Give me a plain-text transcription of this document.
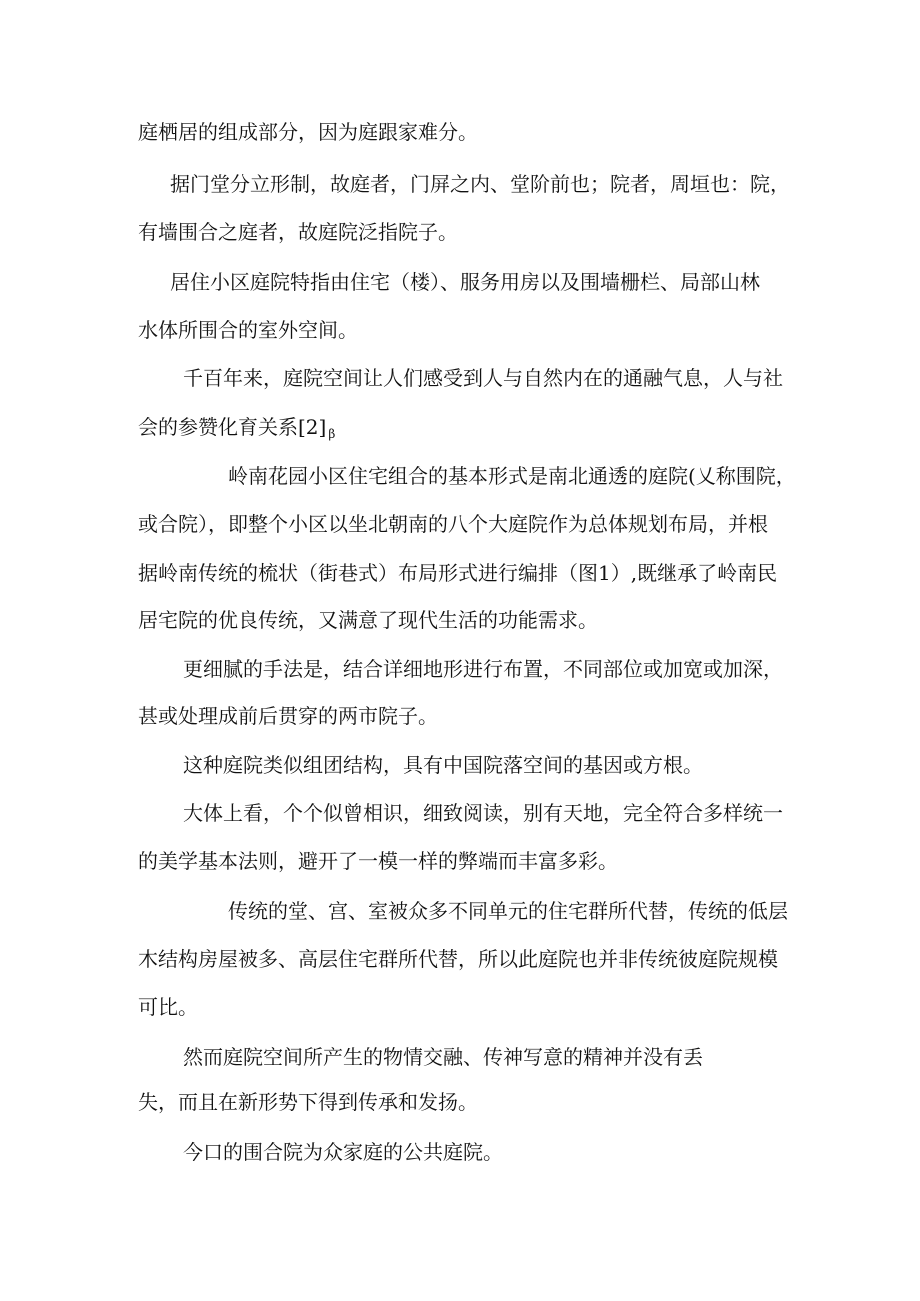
庭栖居的组成部分，因为庭跟家难分。

据门堂分立形制，故庭者，门屏之内、堂阶前也；院者，周垣也：院，

有墙围合之庭者，故庭院泛指院子。

居住小区庭院特指由住宅（楼）、服务用房以及围墙栅栏、局部山林

水体所围合的室外空间。

千百年来，庭院空间让人们感受到人与自然内在的通融气息，人与社

会的参赞化育关系[2] $_\beta$

岭南花园小区住宅组合的基本形式是南北通透的庭院(乂称围院，

或合院），即整个小区以坐北朝南的八个大庭院作为总体规划布局，并根

据岭南传统的梳状（街巷式）布局形式进行编排（图1）,既继承了岭南民

居宅院的优良传统，又满意了现代生活的功能需求。

更细腻的手法是，结合详细地形进行布置，不同部位或加宽或加深，

甚或处理成前后贯穿的两市院子。

这种庭院类似组团结构，具有中国院落空间的基因或方根。

大体上看，个个似曾相识，细致阅读，别有天地，完全符合多样统一

的美学基本法则，避开了一模一样的弊端而丰富多彩。

传统的堂、宫、室被众多不同单元的住宅群所代替，传统的低层

木结构房屋被多、高层住宅群所代替，所以此庭院也并非传统彼庭院规模

可比。

然而庭院空间所产生的物情交融、传神写意的精神并没有丢

失，而且在新形势下得到传承和发扬。

今口的围合院为众家庭的公共庭院。
